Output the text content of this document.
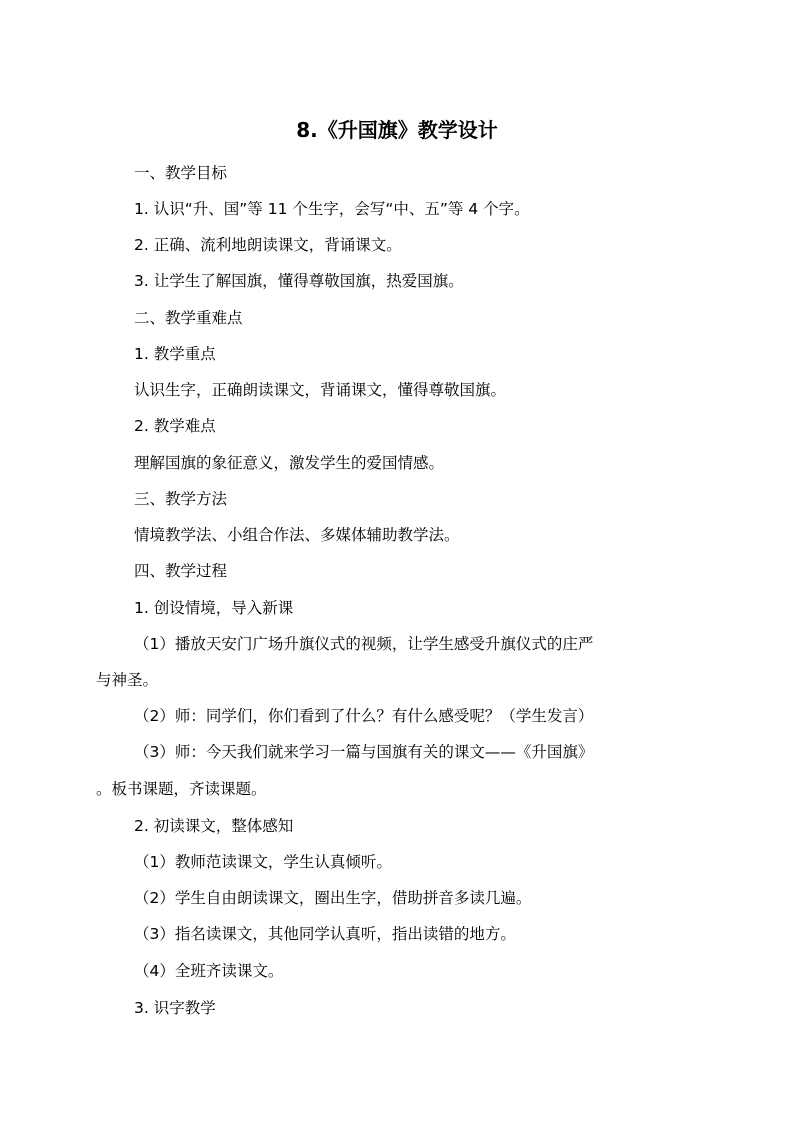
8.《升国旗》教学设计
一、教学目标
1. 认识“升、国”等 11 个生字，会写“中、五”等 4 个字。
2. 正确、流利地朗读课文，背诵课文。
3. 让学生了解国旗，懂得尊敬国旗，热爱国旗。
二、教学重难点
1. 教学重点
认识生字，正确朗读课文，背诵课文，懂得尊敬国旗。
2. 教学难点
理解国旗的象征意义，激发学生的爱国情感。
三、教学方法
情境教学法、小组合作法、多媒体辅助教学法。
四、教学过程
1. 创设情境，导入新课
（1）播放天安门广场升旗仪式的视频，让学生感受升旗仪式的庄严
与神圣。
（2）师：同学们，你们看到了什么？有什么感受呢？（学生发言）
（3）师：今天我们就来学习一篇与国旗有关的课文——《升国旗》
。板书课题，齐读课题。
2. 初读课文，整体感知
（1）教师范读课文，学生认真倾听。
（2）学生自由朗读课文，圈出生字，借助拼音多读几遍。
（3）指名读课文，其他同学认真听，指出读错的地方。
（4）全班齐读课文。
3. 识字教学
